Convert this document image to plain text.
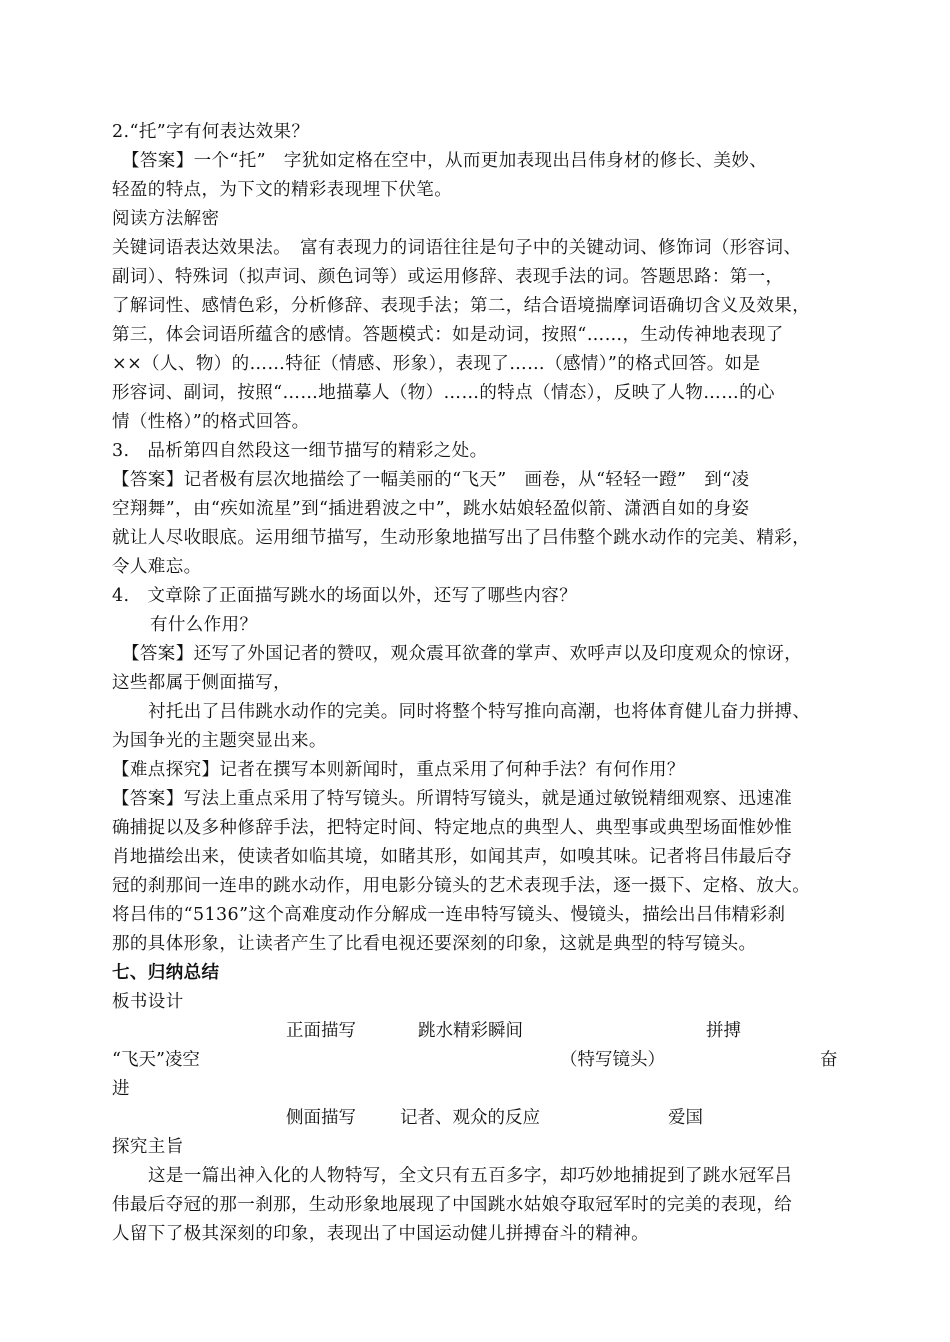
2.“托”字有何表达效果？
【答案】一个“托”　字犹如定格在空中，从而更加表现出吕伟身材的修长、美妙、
轻盈的特点，为下文的精彩表现埋下伏笔。
阅读方法解密
关键词语表达效果法。　富有表现力的词语往往是句子中的关键动词、修饰词（形容词、
副词）、特殊词（拟声词、颜色词等）或运用修辞、表现手法的词。答题思路：第一，
了解词性、感情色彩，分析修辞、表现手法；第二，结合语境揣摩词语确切含义及效果，
第三，体会词语所蕴含的感情。答题模式：如是动词，按照“……，生动传神地表现了
××（人、物）的……特征（情感、形象），表现了……（感情）”的格式回答。如是
形容词、副词，按照“……地描摹人（物）……的特点（情态），反映了人物……的心
情（性格）”的格式回答。
3.　品析第四自然段这一细节描写的精彩之处。
【答案】记者极有层次地描绘了一幅美丽的“飞天”　画卷，从“轻轻一蹬”　到“凌
空翔舞”，由“疾如流星”到“插进碧波之中”，跳水姑娘轻盈似箭、潇洒自如的身姿
就让人尽收眼底。运用细节描写，生动形象地描写出了吕伟整个跳水动作的完美、精彩，
令人难忘。
4.　文章除了正面描写跳水的场面以外，还写了哪些内容？
有什么作用？
【答案】还写了外国记者的赞叹，观众震耳欲聋的掌声、欢呼声以及印度观众的惊讶，
这些都属于侧面描写，
衬托出了吕伟跳水动作的完美。同时将整个特写推向高潮，也将体育健儿奋力拼搏、
为国争光的主题突显出来。
【难点探究】记者在撰写本则新闻时，重点采用了何种手法？有何作用？
【答案】写法上重点采用了特写镜头。所谓特写镜头，就是通过敏锐精细观察、迅速准
确捕捉以及多种修辞手法，把特定时间、特定地点的典型人、典型事或典型场面惟妙惟
肖地描绘出来，使读者如临其境，如睹其形，如闻其声，如嗅其味。记者将吕伟最后夺
冠的刹那间一连串的跳水动作，用电影分镜头的艺术表现手法，逐一摄下、定格、放大。
将吕伟的“5136”这个高难度动作分解成一连串特写镜头、慢镜头，描绘出吕伟精彩刹
那的具体形象，让读者产生了比看电视还要深刻的印象，这就是典型的特写镜头。
七、归纳总结
板书设计
正面描写	跳水精彩瞬间	拼搏
“飞天”凌空	（特写镜头）	奋
进
侧面描写	记者、观众的反应	爱国
探究主旨
这是一篇出神入化的人物特写，全文只有五百多字，却巧妙地捕捉到了跳水冠军吕
伟最后夺冠的那一刹那，生动形象地展现了中国跳水姑娘夺取冠军时的完美的表现，给
人留下了极其深刻的印象，表现出了中国运动健儿拼搏奋斗的精神。
